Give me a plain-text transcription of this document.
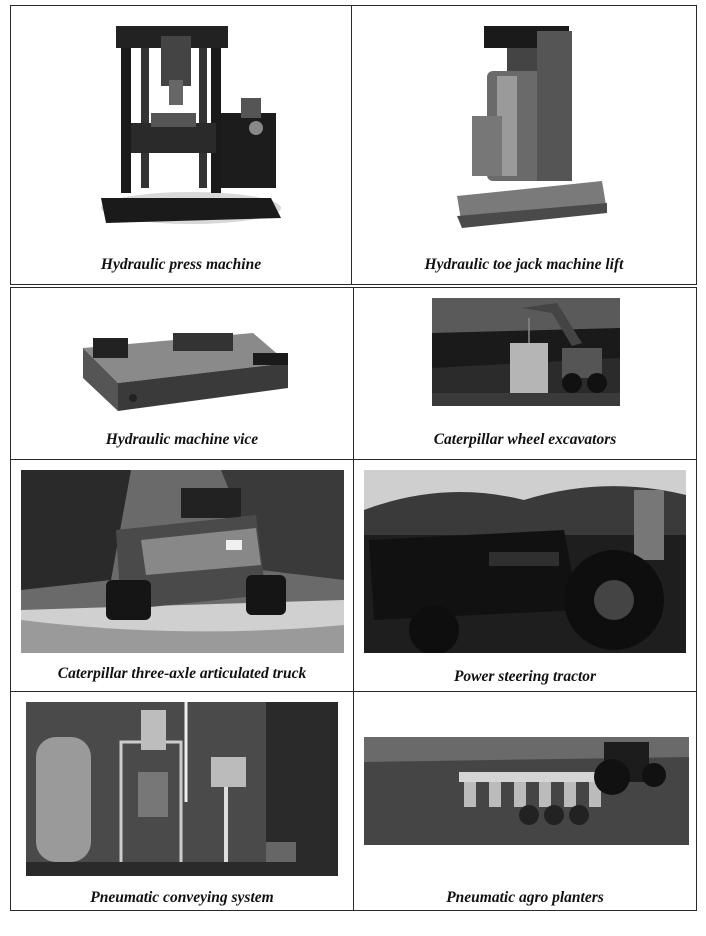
Hydraulic press machine	Hydraulic toe jack machine lift
Hydraulic machine vice	Caterpillar wheel excavators
Caterpillar three-axle articulated truck	Power steering tractor
Pneumatic conveying system	Pneumatic agro planters
